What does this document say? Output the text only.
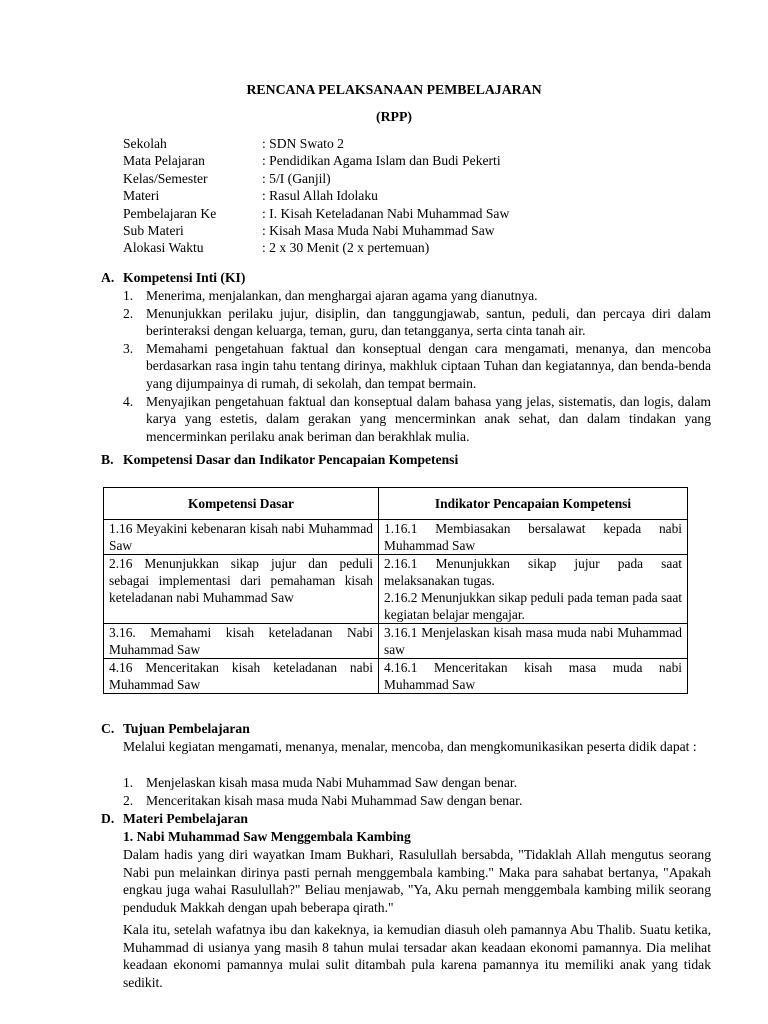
RENCANA PELAKSANAAN PEMBELAJARAN
(RPP)
Sekolah	: SDN Swato 2
Mata Pelajaran	: Pendidikan Agama Islam dan Budi Pekerti
Kelas/Semester	: 5/I (Ganjil)
Materi	: Rasul Allah Idolaku
Pembelajaran Ke	: I. Kisah Keteladanan Nabi Muhammad Saw
Sub Materi	: Kisah Masa Muda Nabi Muhammad Saw
Alokasi Waktu	: 2 x 30 Menit (2 x pertemuan)
A. Kompetensi Inti (KI)
1. Menerima, menjalankan, dan menghargai ajaran agama yang dianutnya.
2. Menunjukkan perilaku jujur, disiplin, dan tanggungjawab, santun, peduli, dan percaya diri dalam berinteraksi dengan keluarga, teman, guru, dan tetangganya, serta cinta tanah air.
3. Memahami pengetahuan faktual dan konseptual dengan cara mengamati, menanya, dan mencoba berdasarkan rasa ingin tahu tentang dirinya, makhluk ciptaan Tuhan dan kegiatannya, dan benda-benda yang dijumpainya di rumah, di sekolah, dan tempat bermain.
4. Menyajikan pengetahuan faktual dan konseptual dalam bahasa yang jelas, sistematis, dan logis, dalam karya yang estetis, dalam gerakan yang mencerminkan anak sehat, dan dalam tindakan yang mencerminkan perilaku anak beriman dan berakhlak mulia.
B. Kompetensi Dasar dan Indikator Pencapaian Kompetensi
Kompetensi Dasar	Indikator Pencapaian Kompetensi
1.16 Meyakini kebenaran kisah nabi Muhammad Saw	1.16.1 Membiasakan bersalawat kepada nabi Muhammad Saw

2.16 Menunjukkan sikap jujur dan peduli sebagai implementasi dari pemahaman kisah keteladanan nabi Muhammad Saw	2.16.1 Menunjukkan sikap jujur pada saat melaksanakan tugas.
2.16.2 Menunjukkan sikap peduli pada teman pada saat kegiatan belajar mengajar.

3.16. Memahami kisah keteladanan Nabi Muhammad Saw	3.16.1 Menjelaskan kisah masa muda nabi Muhammad saw

4.16 Menceritakan kisah keteladanan nabi Muhammad Saw	4.16.1 Menceritakan kisah masa muda nabi Muhammad Saw
C. Tujuan Pembelajaran
Melalui kegiatan mengamati, menanya, menalar, mencoba, dan mengkomunikasikan peserta didik dapat :
1. Menjelaskan kisah masa muda Nabi Muhammad Saw dengan benar.
2. Menceritakan kisah masa muda Nabi Muhammad Saw dengan benar.
D. Materi Pembelajaran
1. Nabi Muhammad Saw Menggembala Kambing
Dalam hadis yang diri wayatkan Imam Bukhari, Rasulullah bersabda, "Tidaklah Allah mengutus seorang Nabi pun melainkan dirinya pasti pernah menggembala kambing." Maka para sahabat bertanya, "Apakah engkau juga wahai Rasulullah?" Beliau menjawab, "Ya, Aku pernah menggembala kambing milik seorang penduduk Makkah dengan upah beberapa qirath."
Kala itu, setelah wafatnya ibu dan kakeknya, ia kemudian diasuh oleh pamannya Abu Thalib. Suatu ketika, Muhammad di usianya yang masih 8 tahun mulai tersadar akan keadaan ekonomi pamannya. Dia melihat keadaan ekonomi pamannya mulai sulit ditambah pula karena pamannya itu memiliki anak yang tidak sedikit.
